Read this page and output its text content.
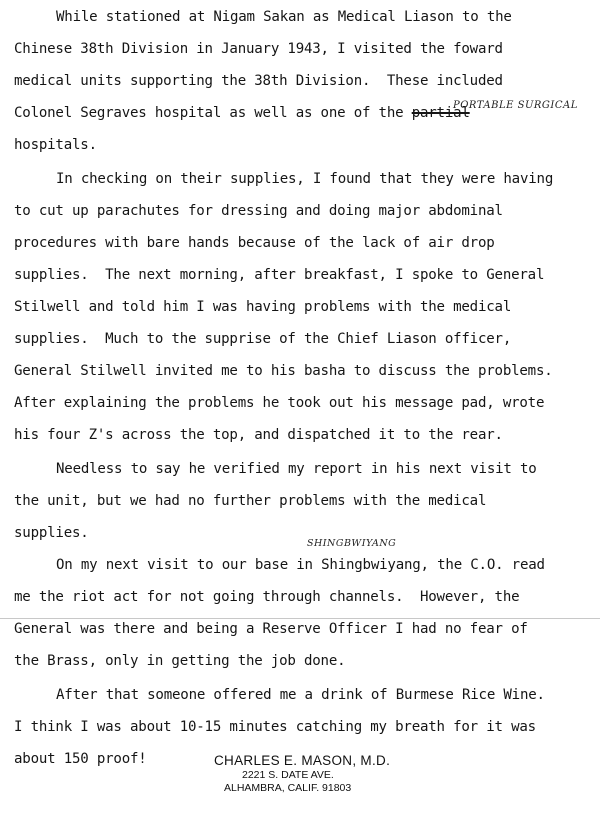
While stationed at Nigam Sakan as Medical Liason to the
Chinese 38th Division in January 1943, I visited the foward
medical units supporting the 38th Division.  These included
Colonel Segraves hospital as well as one of the partial
PORTABLE SURGICAL
hospitals.
In checking on their supplies, I found that they were having
to cut up parachutes for dressing and doing major abdominal
procedures with bare hands because of the lack of air drop
supplies.  The next morning, after breakfast, I spoke to General
Stilwell and told him I was having problems with the medical
supplies.  Much to the supprise of the Chief Liason officer,
General Stilwell invited me to his basha to discuss the problems.
After explaining the problems he took out his message pad, wrote
his four Z's across the top, and dispatched it to the rear.
Needless to say he verified my report in his next visit to
the unit, but we had no further problems with the medical
supplies.
SHINGBWIYANG
On my next visit to our base in Shingbwiyang, the C.O. read
me the riot act for not going through channels.  However, the
General was there and being a Reserve Officer I had no fear of
the Brass, only in getting the job done.
After that someone offered me a drink of Burmese Rice Wine.
I think I was about 10-15 minutes catching my breath for it was
about 150 proof!	CHARLES E. MASON, M.D.
2221 S. DATE AVE.
ALHAMBRA, CALIF. 91803
